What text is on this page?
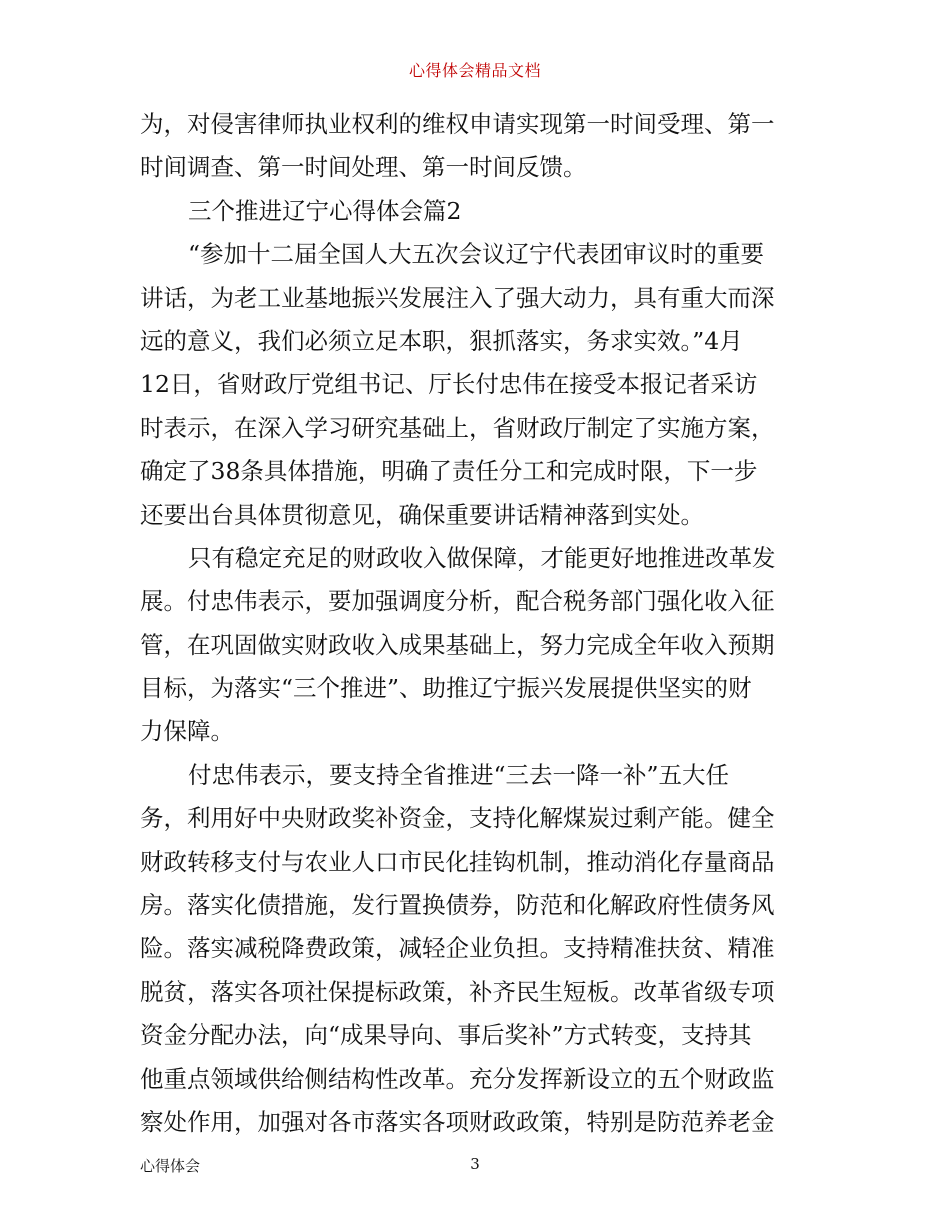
心得体会精品文档
为，对侵害律师执业权利的维权申请实现第一时间受理、第一
时间调查、第一时间处理、第一时间反馈。
三个推进辽宁心得体会篇2
“参加十二届全国人大五次会议辽宁代表团审议时的重要
讲话，为老工业基地振兴发展注入了强大动力，具有重大而深
远的意义，我们必须立足本职，狠抓落实，务求实效。”4月
12日，省财政厅党组书记、厅长付忠伟在接受本报记者采访
时表示，在深入学习研究基础上，省财政厅制定了实施方案，
确定了38条具体措施，明确了责任分工和完成时限，下一步
还要出台具体贯彻意见，确保重要讲话精神落到实处。
只有稳定充足的财政收入做保障，才能更好地推进改革发
展。付忠伟表示，要加强调度分析，配合税务部门强化收入征
管，在巩固做实财政收入成果基础上，努力完成全年收入预期
目标，为落实“三个推进”、助推辽宁振兴发展提供坚实的财
力保障。
付忠伟表示，要支持全省推进“三去一降一补”五大任
务，利用好中央财政奖补资金，支持化解煤炭过剩产能。健全
财政转移支付与农业人口市民化挂钩机制，推动消化存量商品
房。落实化债措施，发行置换债券，防范和化解政府性债务风
险。落实减税降费政策，减轻企业负担。支持精准扶贫、精准
脱贫，落实各项社保提标政策，补齐民生短板。改革省级专项
资金分配办法，向“成果导向、事后奖补”方式转变，支持其
他重点领域供给侧结构性改革。充分发挥新设立的五个财政监
察处作用，加强对各市落实各项财政政策，特别是防范养老金
心得体会	3
